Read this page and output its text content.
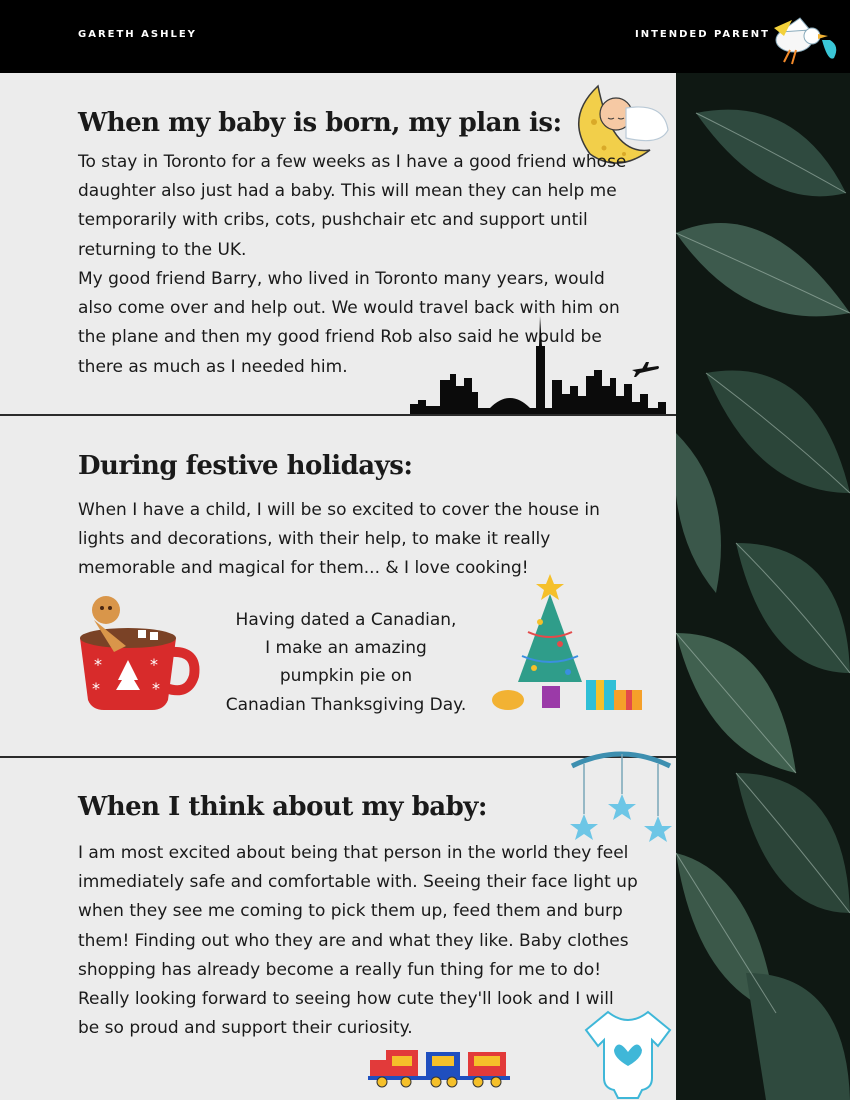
GARETH ASHLEY	INTENDED PARENT
When my baby is born, my plan is:

To stay in Toronto for a few weeks as I have a good friend whose daughter also just had a baby. This will mean they can help me temporarily with cribs, cots, pushchair etc and support until returning to the UK.

My good friend Barry, who lived in Toronto many years, would also come over and help out. We would travel back with him on the plane and then my good friend Rob also said he would be there as much as I needed him.

During festive holidays:

When I have a child, I will be so excited to cover the house in lights and decorations, with their help, to make it really memorable and magical for them... & I love cooking!

*	*
*	*
Having dated a Canadian,
I make an amazing
pumpkin pie on
Canadian Thanksgiving Day.
When I think about my baby:

I am most excited about being that person in the world they feel immediately safe and comfortable with. Seeing their face light up when they see me coming to pick them up, feed them and burp them! Finding out who they are and what they like. Baby clothes shopping has already become a really fun thing for me to do! Really looking forward to seeing how cute they'll look and I will be so proud and support their curiosity.
